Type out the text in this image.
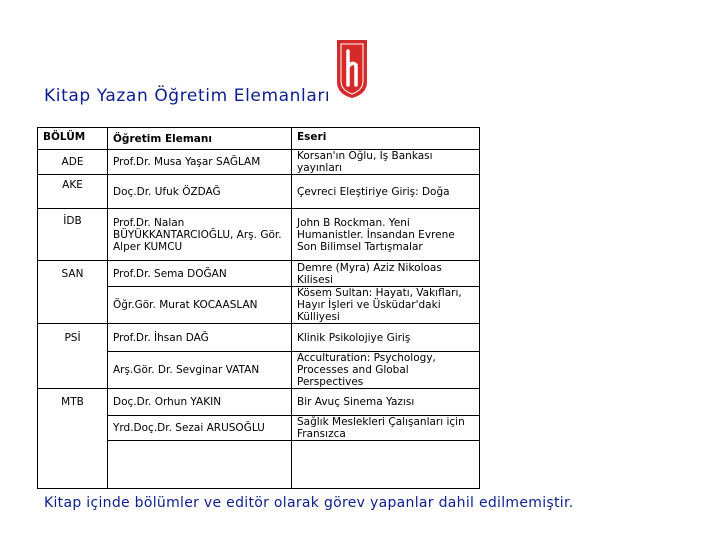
Kitap Yazan Öğretim Elemanları
BÖLÜM	Öğretim Elemanı	Eseri
ADE	Prof.Dr. Musa Yaşar SAĞLAM	Korsan'ın Oğlu, İş Bankası yayınları
AKE	Doç.Dr. Ufuk ÖZDAĞ	Çevreci Eleştiriye Giriş: Doğa
İDB	Prof.Dr. Nalan BÜYÜKKANTARCIOĞLU, Arş. Gör. Alper KUMCU	John B Rockman. Yeni Humanistler. İnsandan Evrene Son Bilimsel Tartışmalar
SAN	Prof.Dr. Sema DOĞAN	Demre (Myra) Aziz Nikoloas Kilisesi
	Öğr.Gör. Murat KOCAASLAN	Kösem Sultan: Hayatı, Vakıfları, Hayır İşleri ve Üsküdar'daki Külliyesi
PSİ	Prof.Dr. İhsan DAĞ	Klinik Psikolojiye Giriş
	Arş.Gör. Dr. Sevginar VATAN	Acculturation: Psychology, Processes and Global Perspectives
MTB	Doç.Dr. Orhun YAKIN	Bir Avuç Sinema Yazısı
	Yrd.Doç.Dr. Sezai ARUSOĞLU	Sağlık Meslekleri Çalışanları için Fransızca

Kitap içinde bölümler ve editör olarak görev yapanlar dahil edilmemiştir.
